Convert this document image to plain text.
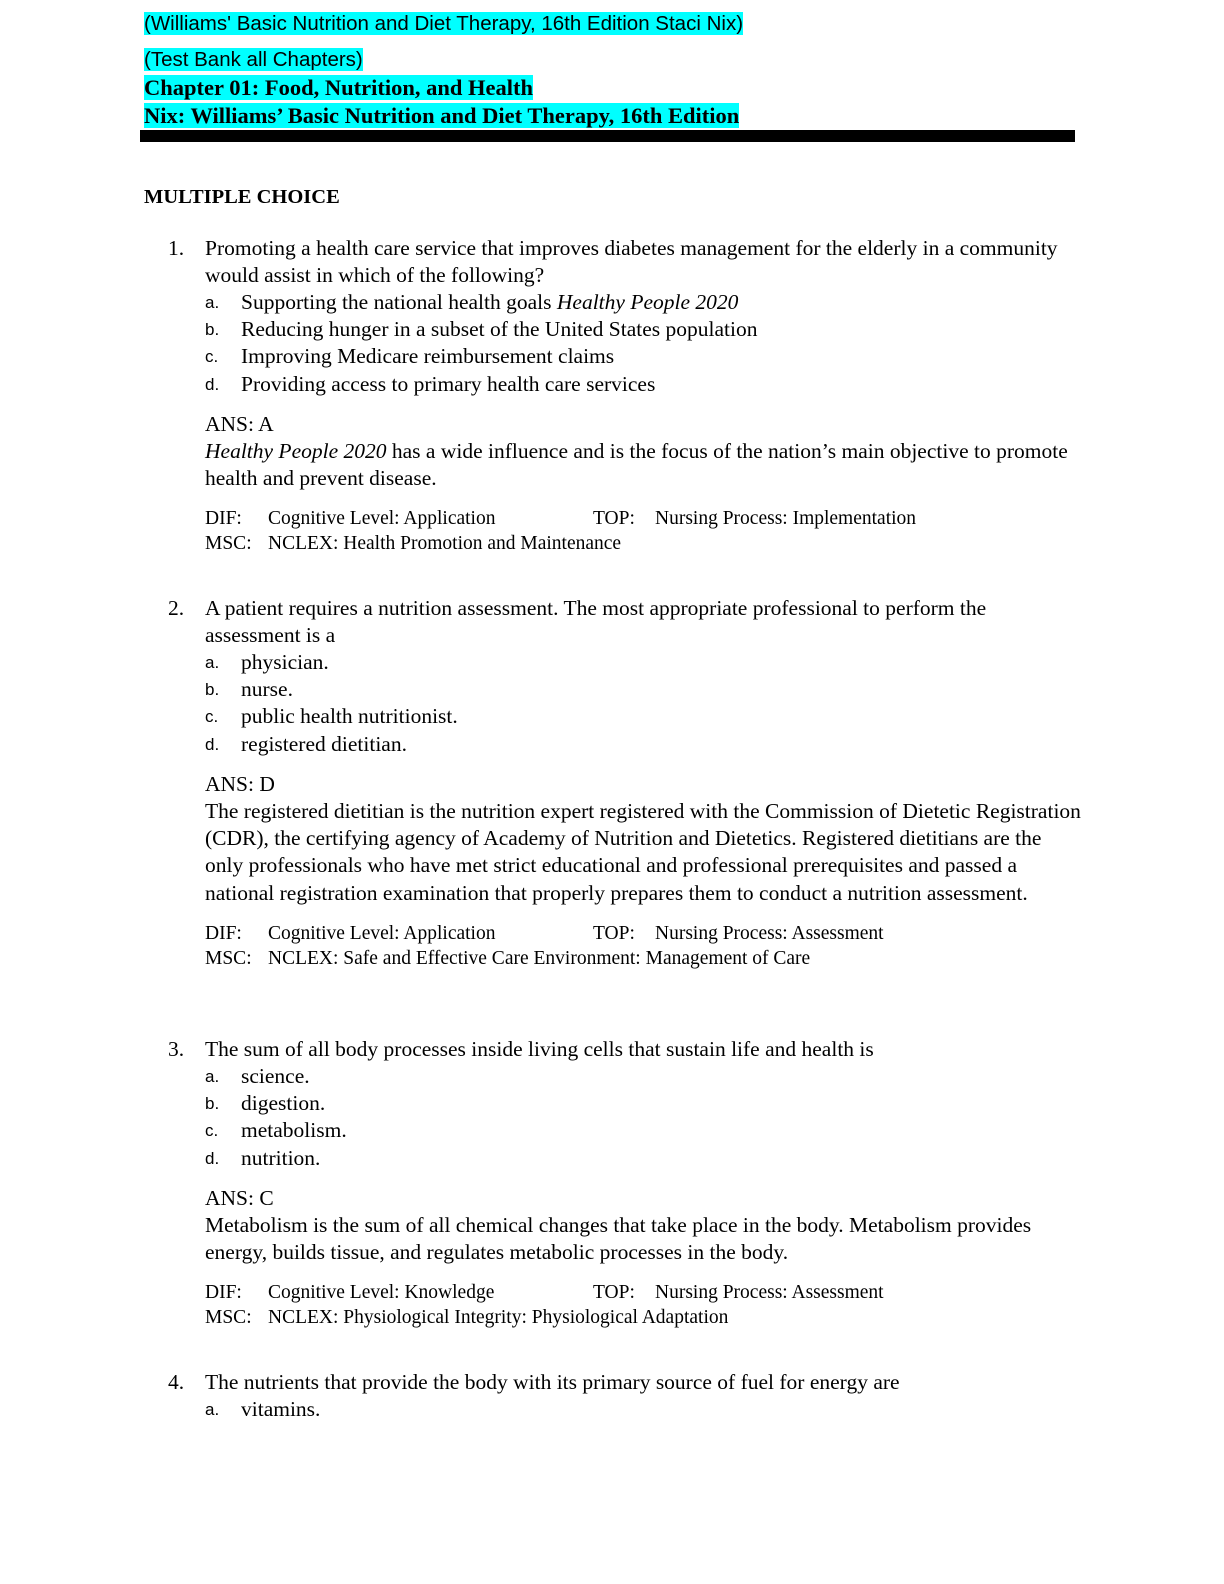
(Williams' Basic Nutrition and Diet Therapy, 16th Edition Staci Nix)
(Test Bank all Chapters)
Chapter 01: Food, Nutrition, and Health
Nix: Williams’ Basic Nutrition and Diet Therapy, 16th Edition
MULTIPLE CHOICE
1. Promoting a health care service that improves diabetes management for the elderly in a community would assist in which of the following?
a. Supporting the national health goals Healthy People 2020
b. Reducing hunger in a subset of the United States population
c. Improving Medicare reimbursement claims
d. Providing access to primary health care services
ANS: A
Healthy People 2020 has a wide influence and is the focus of the nation’s main objective to promote health and prevent disease.
DIF: Cognitive Level: Application	TOP: Nursing Process: Implementation
MSC: NCLEX: Health Promotion and Maintenance
2. A patient requires a nutrition assessment. The most appropriate professional to perform the assessment is a
a. physician.
b. nurse.
c. public health nutritionist.
d. registered dietitian.
ANS: D
The registered dietitian is the nutrition expert registered with the Commission of Dietetic Registration (CDR), the certifying agency of Academy of Nutrition and Dietetics. Registered dietitians are the only professionals who have met strict educational and professional prerequisites and passed a national registration examination that properly prepares them to conduct a nutrition assessment.
DIF: Cognitive Level: Application	TOP: Nursing Process: Assessment
MSC: NCLEX: Safe and Effective Care Environment: Management of Care
3. The sum of all body processes inside living cells that sustain life and health is
a. science.
b. digestion.
c. metabolism.
d. nutrition.
ANS: C
Metabolism is the sum of all chemical changes that take place in the body. Metabolism provides energy, builds tissue, and regulates metabolic processes in the body.
DIF: Cognitive Level: Knowledge	TOP: Nursing Process: Assessment
MSC: NCLEX: Physiological Integrity: Physiological Adaptation
4. The nutrients that provide the body with its primary source of fuel for energy are
a. vitamins.
